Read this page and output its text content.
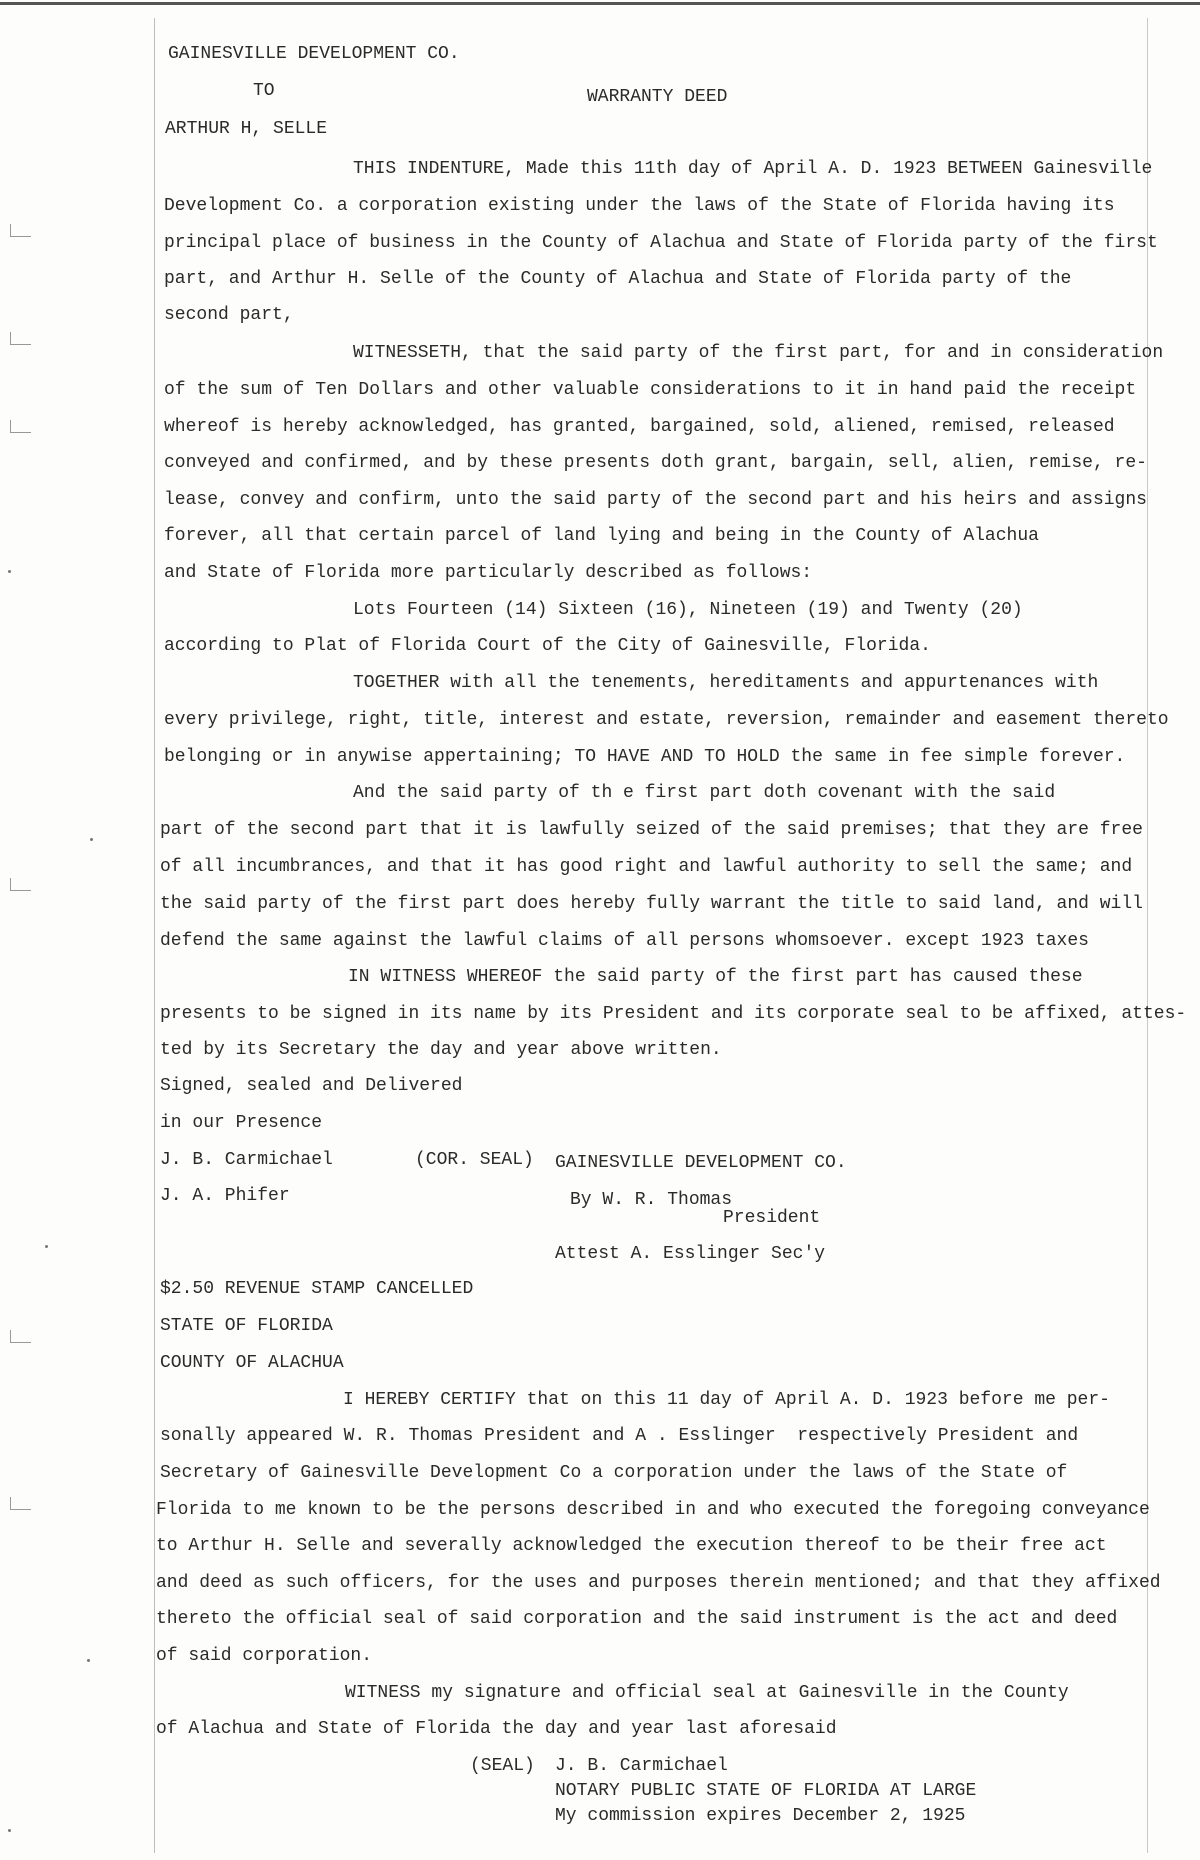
GAINESVILLE DEVELOPMENT CO.
TO	WARRANTY DEED
ARTHUR H, SELLE
THIS INDENTURE, Made this 11th day of April A. D. 1923 BETWEEN Gainesville
Development Co. a corporation existing under the laws of the State of Florida having its
principal place of business in the County of Alachua and State of Florida party of the first
part, and Arthur H. Selle of the County of Alachua and State of Florida party of the
second part,
WITNESSETH, that the said party of the first part, for and in consideration
of the sum of Ten Dollars and other valuable considerations to it in hand paid the receipt
whereof is hereby acknowledged, has granted, bargained, sold, aliened, remised, released
conveyed and confirmed, and by these presents doth grant, bargain, sell, alien, remise, re-
lease, convey and confirm, unto the said party of the second part and his heirs and assigns
forever, all that certain parcel of land lying and being in the County of Alachua
and State of Florida more particularly described as follows:
Lots Fourteen (14) Sixteen (16), Nineteen (19) and Twenty (20)
according to Plat of Florida Court of the City of Gainesville, Florida.
TOGETHER with all the tenements, hereditaments and appurtenances with
every privilege, right, title, interest and estate, reversion, remainder and easement thereto
belonging or in anywise appertaining; TO HAVE AND TO HOLD the same in fee simple forever.
And the said party of th e first part doth covenant with the said
part of the second part that it is lawfully seized of the said premises; that they are free
of all incumbrances, and that it has good right and lawful authority to sell the same; and
the said party of the first part does hereby fully warrant the title to said land, and will
defend the same against the lawful claims of all persons whomsoever. except 1923 taxes
IN WITNESS WHEREOF the said party of the first part has caused these
presents to be signed in its name by its President and its corporate seal to be affixed, attes-
ted by its Secretary the day and year above written.
Signed, sealed and Delivered
in our Presence
J. B. Carmichael	(COR. SEAL) GAINESVILLE DEVELOPMENT CO.
J. A. Phifer	By W. R. Thomas
President
Attest A. Esslinger Sec'y
$2.50 REVENUE STAMP CANCELLED
STATE OF FLORIDA
COUNTY OF ALACHUA
I HEREBY CERTIFY that on this 11 day of April A. D. 1923 before me per-
sonally appeared W. R. Thomas President and A . Esslinger  respectively President and
Secretary of Gainesville Development Co a corporation under the laws of the State of
Florida to me known to be the persons described in and who executed the foregoing conveyance
to Arthur H. Selle and severally acknowledged the execution thereof to be their free act
and deed as such officers, for the uses and purposes therein mentioned; and that they affixed
thereto the official seal of said corporation and the said instrument is the act and deed
of said corporation.
WITNESS my signature and official seal at Gainesville in the County
of Alachua and State of Florida the day and year last aforesaid
(SEAL) J. B. Carmichael
NOTARY PUBLIC STATE OF FLORIDA AT LARGE
My commission expires December 2, 1925
